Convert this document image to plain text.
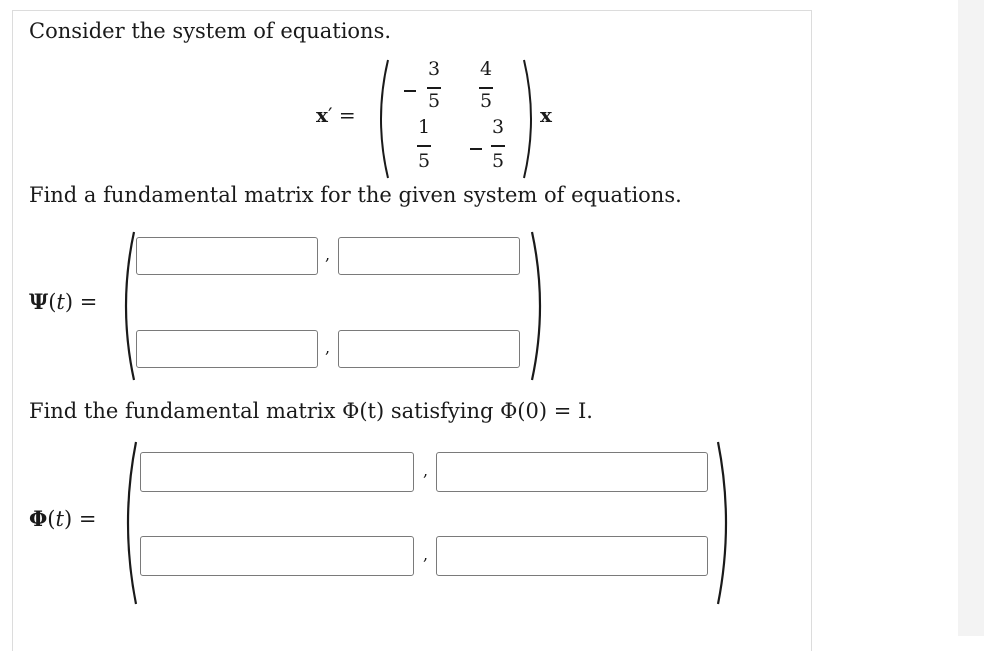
Consider the system of equations.
x′ =
3
5
4
5
1
5
3
5
x
Find a fundamental matrix for the given system of equations.
Ψ(t) =
,
,
Find the fundamental matrix Φ(t) satisfying Φ(0) = I.
Φ(t) =
,
,
